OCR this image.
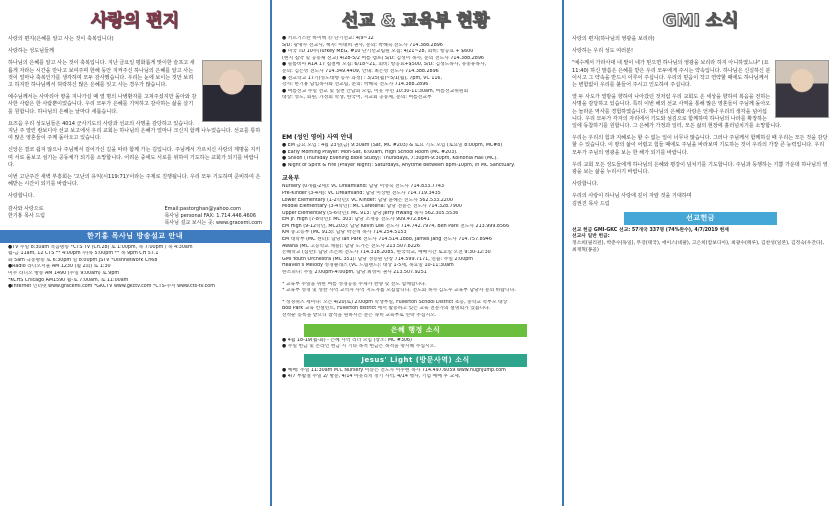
사랑의 편지

사랑의 편지(은혜를 알고 사는 것이 축복입니다)

사랑하는 성도님들께

하나님의 은혜를 알고 사는 것이 축복입니다. 지난 금요일 평화롭게 맞이한 슬프고 새롭게 자라는 시간을 만나고 보여주며 한해 동안 지켜주신 하나님의 은혜를 알고 사는 것이 얼마나 축복인가를 생각하며 모두 감사했습니다. 우리는 눈에 보이는 것만 보려고 하지만 하나님께서 허락하신 많은 은혜를 잊고 사는 경우가 많습니다.

예수님께서는 사마리아 땅을 지나가실 때 열 명의 나병환자를 고쳐주셨지만 돌아와 감사한 사람은 한 사람뿐이었습니다. 우리 모두가 은혜를 기억하고 감사하는 삶을 살기를 원합니다. 하나님의 은혜는 날마다 새롭습니다.

요즈음 우리 성도님들은 4014 군사기도의 사랑과 선교의 사명을 감당하고 있습니다. 지난 주 열린 캄보디아 선교 보고에서 우리 교회는 하나님의 은혜가 얼마나 크신지 함께 나누었습니다. 선교를 통하여 많은 영혼들이 주께 돌아오고 있습니다.

신앙은 결코 쉽지 않으나 주님께서 걸어가신 길을 따라 함께 가는 길입니다. 주님께서 가르치신 사랑의 계명을 지키며 서로 돌보고 섬기는 공동체가 되기를 소망합니다. 어려운 중에도 서로를 위하여 기도하는 교회가 되기를 바랍니다.

이번 고난주간 새벽 부흥회는 '고난의 유익(시119:71)'이라는 주제로 진행됩니다. 우리 모두 기도하며 준비하여 은혜받는 시간이 되기를 바랍니다.

사랑합니다.

감사와 사랑으로
한기홍 목사 드림
Email:pastorghan@yahoo.com
목사님 personal FAX: 1.714.446.4606
목사님 설교 보시는 곳: www.gracemi.com
한기홍 목사님 방송설교 안내
●TV 주일 8:30am 복음방송 *CTS TV (Ch.28) 토 1:00pm, 목 7:00pm / 목 4:30am
월-금 11am, 12 CTS ** 4:00pm 수/목 5:00pm ** 목 9pm CH 57.1
화 5am 극동방송 토 6:30pm 일 8:00pm JSTV *Dishnetwork Ch68
●Radio 라디오서울 AM 1230 (월 2회) 토 1:30
미주 라디오 방송 AM 1490 (주일 9:00am) 토 9pm
*KCHS Chicago AM1590 월-토 7:00am, 토 11:00am
●Internet 인터넷 www.gracemi.com *GKCTV www.gkctv.com *CTS-주서 www.cts-tv.com
선교 & 교육부 현황
● 키르기스탄 바이백 Ⓓ 단기선교: 4/9~12
S/D: 광명수 선교사, 책자: 이태희 권사, 문의: 박혜숙 전도사 714.388.2896
● 미국 TD 10주(Turkey MEG, #10 단기선교팀원 모집: 4/21~28, 회비: 항공료 + $600
(현지 집약 및 공동체 선교) 4/28-5/2 여름 캠프) S/D: 김성미 목사, 문의 전도사 714.388.2896
● 콜롬비아 A1A 17 집결에 모집: 6/18~21, 회비: 항공료+$500, S/D: 김성도목사, 유중휴목사,
문의: 김은영 전도사 714.349.4409, 안내: 최은영 전도사 714.388.2896
● 선교학교 17기(성도대행 등수 과정) : 3/25(월)~5/1(월), 7pm, VC 116,
강사: 한기홍 담임목사와 선교팀, 문의: 박혜숙 전도사 714.388.2896
● 여름선교 주일 선교 및 실천 간담회 모임, 이웃 주민 10:30-11:30am, 여름선교위원회
대상: 성도, 회원, 가정회 학생, 한국어, 지교회 공동체, 문의: 여름선교부
EM (성인 영어) 사역 안내
● EM 금요 모임 : 4월 23일(금) 9:30am (Sat, MC #203) & 토요 기도 모임 (토요일 8:00pm, MC#8)
● Early Morning Prayer: Mon-Sat, 6:00am, High School Room (MC #203).
● Shiloh (Thursday Evening Bible Study): Thursdays, 7:30pm-9:30pm, Koinonia Hall (MC).
● Night of Spirit & Fire (Prayer Night): Saturdays, Anytime between 8pm-10pm, in MC Sanctuary.
교육부
Nursery (0개월-2세): VC Dreamland: 담당 이영숙 전도사 714.833.7743
Pre-Kinder (3-4세): VC Dreamland: 담당 이상현 전도사 714.719.3435
Lower Elementary (1-2학년): VC Kinder: 담당 윤혜은 전도사 562.533.2200
Middle Elementary (3-4학년): MC Cafeteria: 담당 전윤은 전도사 714.328.7900
Upper Elementary (5-6학년): MC 913: 담당 Jerry Hwang 목사 562.305.5536
EM Jr. High (7-8학년): MC 303: 담당 조재웅 전도사 909.472.8641
EM High (9-12학년, MC203): 담당 Kevin Lee 전도사 714.742.7974, Ben Park 전도사 213.999.8566
KM 중고등부 (MC 913): 담당 박진혁 목사 714.254.5153
EM 대학부 (MC 센터): 담당 Ian Park 전도사 714.514.1888, James Jang 전도사 714.757.8946
Awana (MC 고등학교 채플): 담당 도가은 전도사 213.507.8226
온해학교 (십만): 담당 조은희 전도사 714.318.2085, 한국학교, 예배시간 토요일 오전 9:30-12:30
GMI Youth Orchestra (MC 351): 담당 정승원 단장 714.599.7171, 연습: 주일 2:00pm
Heaven's Melody 성경클래스 (VC 드림랜드): 대상 1-5세, 목요일 10-11:30am
한소피나: 주일 2:00pm-4:00pm, 담당 최영미 권사 213.507.9251
* 교육부 주일을 위한 여름 성경공동 주제사 찬양 및 전도 함께합니다.
* 교육부 성경 및 성찬 사역 교역자 사역 지도자를 모집합니다. 전도회 목사 김도우 교육부 담당자 문의 바랍니다.
* 성경퀴즈 세미나: 오는 4/20(토) 2:00pm 학생부실, Fullerton School District 초등, 중학교 학부모 대상
Bob Park 교육 컨설턴트, Fullerton district 에서 활동하고 있는 교육 전문가의 설명회가 있습니다.
선착순 등록을 받으니 참석을 원하시는 분은 속히 교육부로 연락 주십시오.
은혜 행정 소식
● 4월 18-19(월-화) - 은혜 사역 리더 모임 (장소: MC #306)
● 주일 헌금 및 온라인 헌금 시 기타 목적 헌금은 목적을 명시해 주십시오.
Jesus' Light (방문사역) 소식
● 예배: 주일 11:30am M.C Nursery 이승은 전도사 이주현 목사 714.497.6059 www.hugnjump.com
● 4/7 부활절 주일 2/ 방문, 4/14 아웃리치 정기 사역, 4/14 행사, 기념 예배 후 교제.
GMI 소식

사랑의 편지(하나님의 영광을 보리라)

사랑하는 우리 성도 여러분!

"예수께서 가라사대 내 말이 네가 믿으면 하나님의 영광을 보리라 하지 아니하였느냐" (요11:40) 하신 말씀은 은혜를 받은 우리 모두에게 주시는 약속입니다. 하나님은 신실하신 분이시고 그 약속을 반드시 이루어 주십니다. 우리의 믿음이 작고 연약할 때에도 하나님께서는 변함없이 우리를 붙들어 주시고 인도하여 주십니다.

열 두 사도가 열방을 향하여 나아갔던 것처럼 우리 교회도 온 세상을 향하여 복음을 전하는 사명을 감당하고 있습니다. 특히 이번 해외 선교 사역을 통해 많은 영혼들이 주님께 돌아오는 놀라운 역사를 경험하였습니다. 하나님의 은혜와 사랑은 언제나 우리의 생각을 넘어섭니다. 우리 모두가 각자의 자리에서 기도와 섬김으로 함께하며 하나님의 나라를 확장하는 일에 동참하기를 원합니다. 그 은혜가 가정과 일터, 모든 삶의 현장에 흘러넘치기를 소망합니다.

우리는 우리의 힘과 지혜로는 할 수 없는 일이 너무나 많습니다. 그러나 주님께서 함께하실 때 우리는 모든 것을 감당할 수 있습니다. 이 땅의 삶이 어렵고 힘들 때에도 주님을 바라보며 기도하는 것이 우리의 가장 큰 능력입니다. 우리 모두가 주님의 영광을 보는 한 해가 되기를 바랍니다.

우리 교회 모든 성도들에게 하나님의 은혜와 평강이 넘치기를 기도합니다. 주님과 동행하는 기쁨 가운데 하나님의 영광을 보는 삶을 누리시기 바랍니다.

사랑합니다.

우리의 사랑이 하나님 사랑에 깊이 자랄 것을 기대하며
김권진 목사 드림
선교헌금
선교 헌금 GMI-GKC 선교: 57개국 337명 (74%완수), 4/7/2019 현재
선교사 일반 헌금:
정소희(필리핀), 박춘수(독일), 무강(태국), 에이스(네팔), 고은희(캄보디아), 최광수(페루), 김찬성(일본), 김정숙(우간다), 최재혁(몽골)
